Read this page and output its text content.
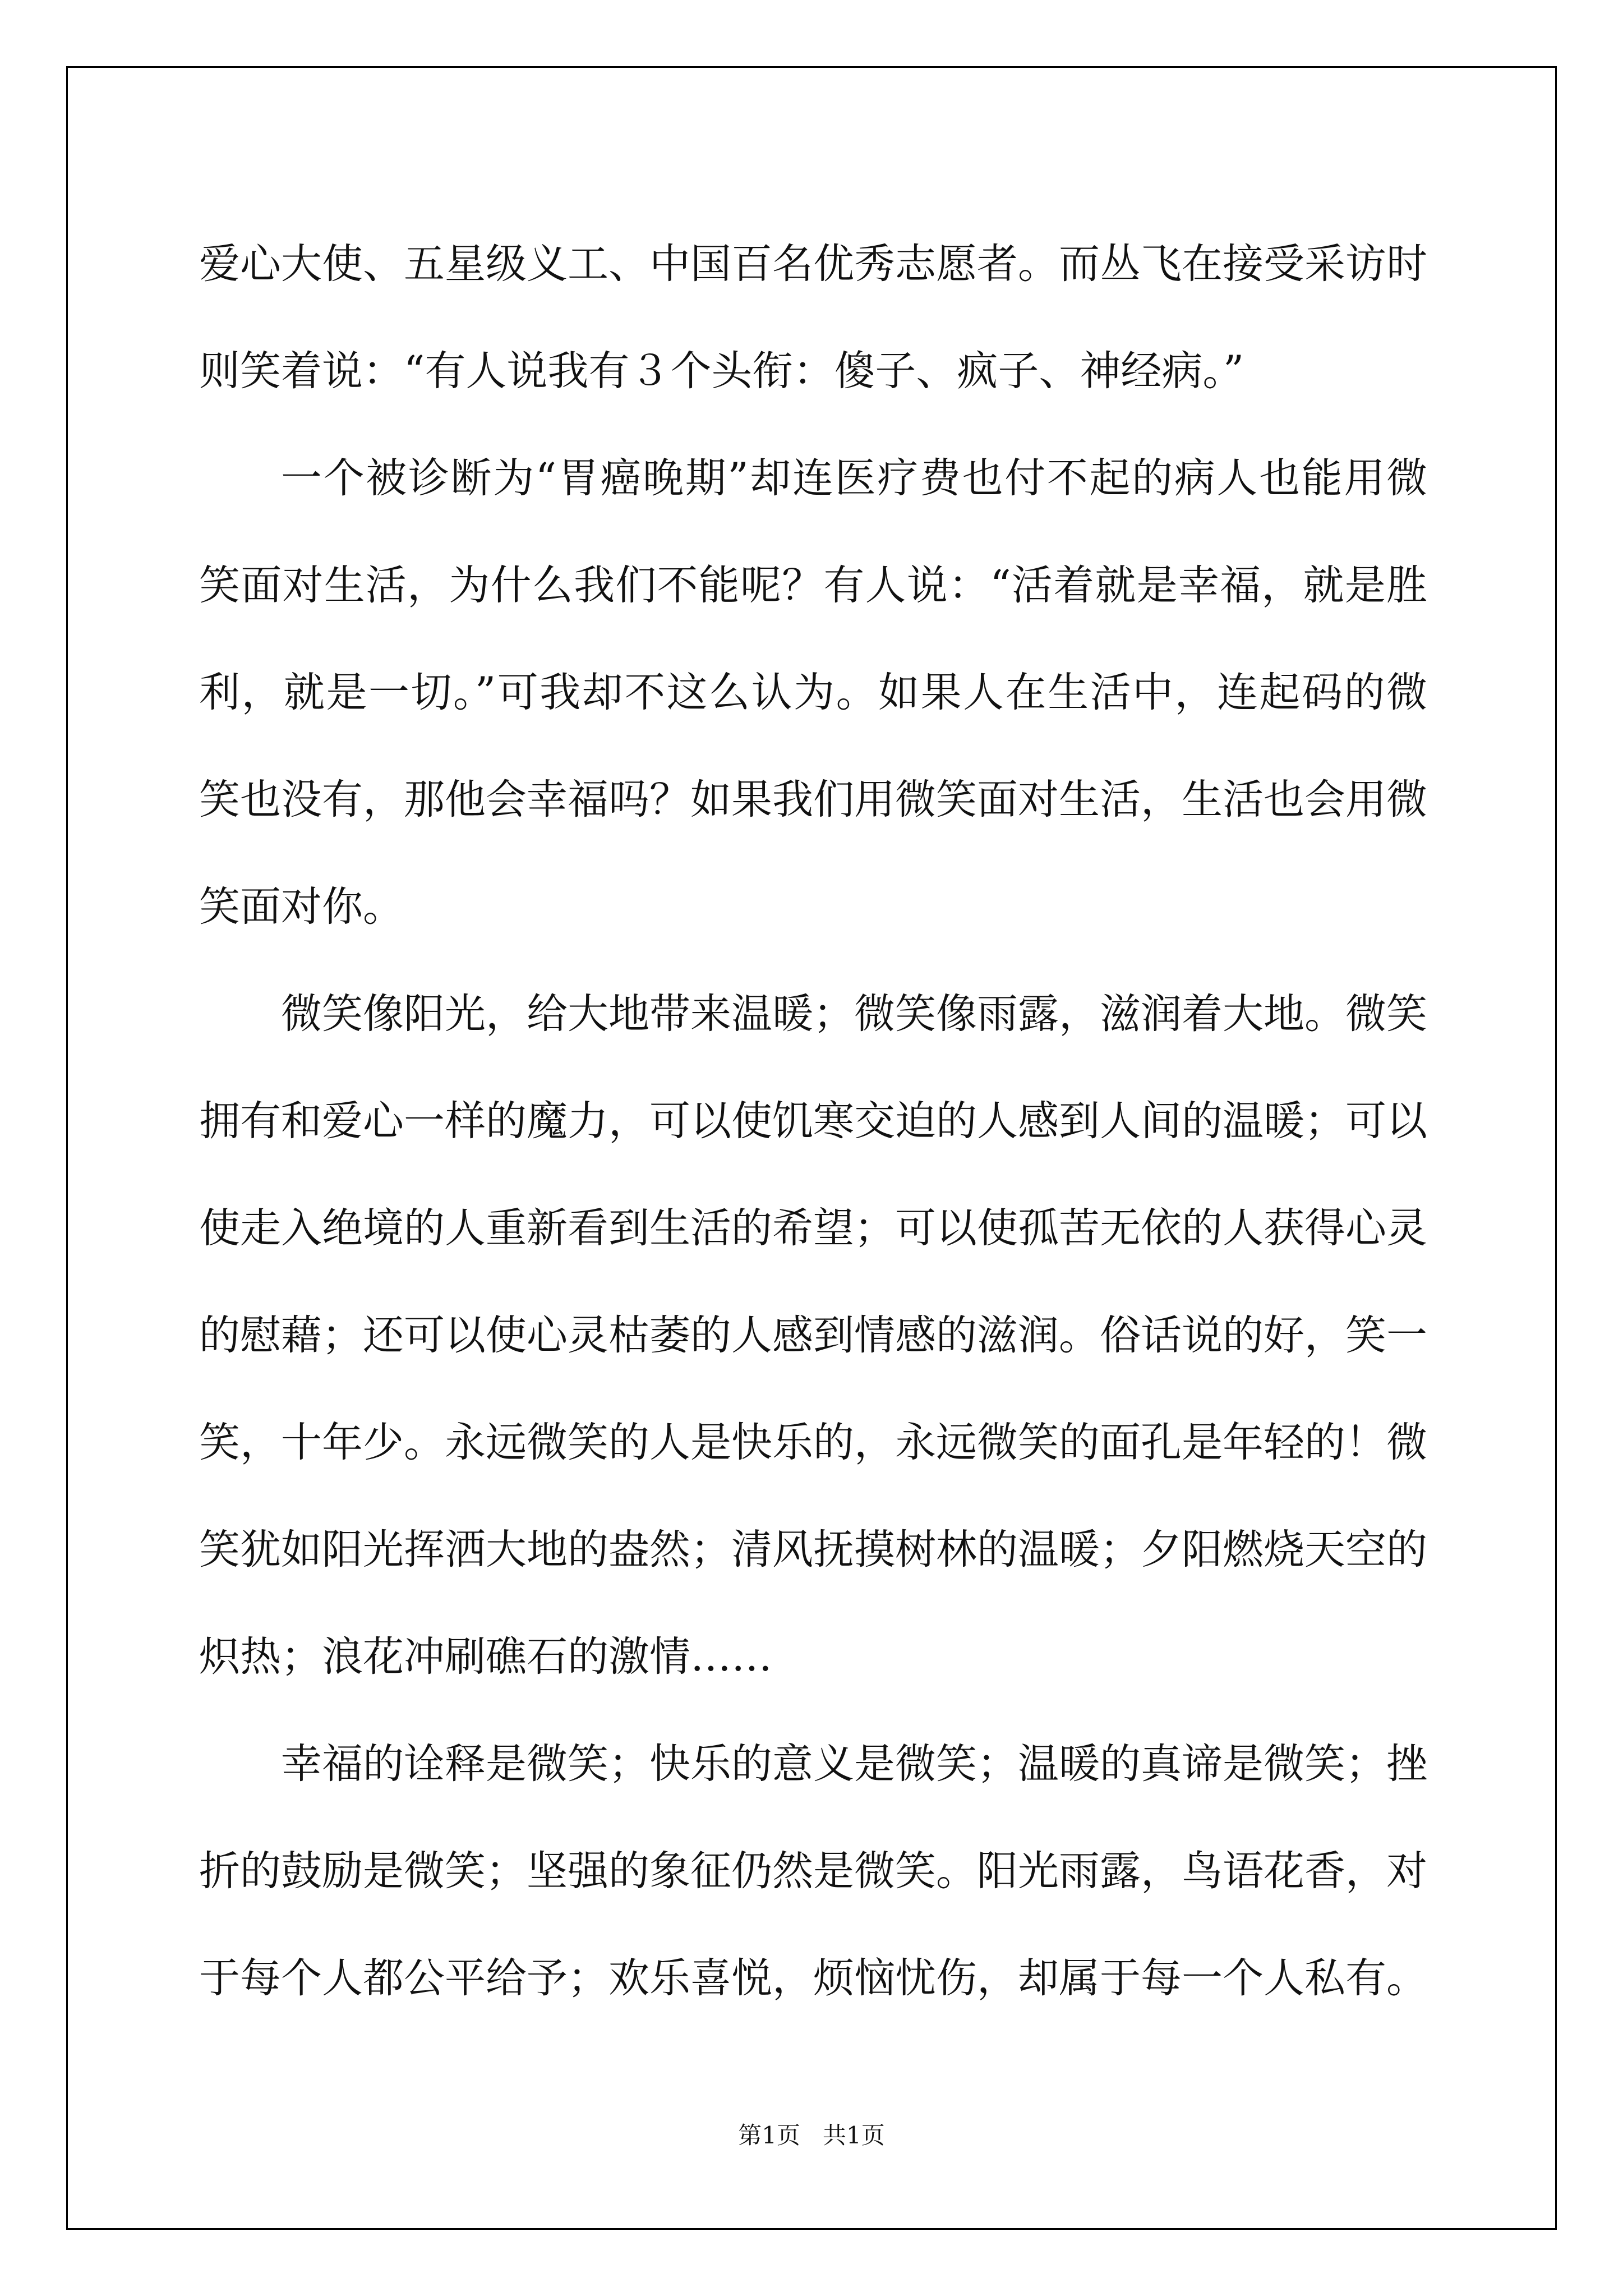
爱心大使、五星级义工、中国百名优秀志愿者。而丛飞在接受采访时则笑着说：“有人说我有３个头衔：傻子、疯子、神经病。”

一个被诊断为“胃癌晚期”却连医疗费也付不起的病人也能用微笑面对生活，为什么我们不能呢？有人说：“活着就是幸福，就是胜利，就是一切。”可我却不这么认为。如果人在生活中，连起码的微笑也没有，那他会幸福吗？如果我们用微笑面对生活，生活也会用微笑面对你。

微笑像阳光，给大地带来温暖；微笑像雨露，滋润着大地。微笑拥有和爱心一样的魔力，可以使饥寒交迫的人感到人间的温暖；可以使走入绝境的人重新看到生活的希望；可以使孤苦无依的人获得心灵的慰藉；还可以使心灵枯萎的人感到情感的滋润。俗话说的好，笑一笑，十年少。永远微笑的人是快乐的，永远微笑的面孔是年轻的！微笑犹如阳光挥洒大地的盎然；清风抚摸树林的温暖；夕阳燃烧天空的炽热；浪花冲刷礁石的激情……

幸福的诠释是微笑；快乐的意义是微笑；温暖的真谛是微笑；挫折的鼓励是微笑；坚强的象征仍然是微笑。阳光雨露，鸟语花香，对于每个人都公平给予；欢乐喜悦，烦恼忧伤，却属于每一个人私有。

第1页 共1页
